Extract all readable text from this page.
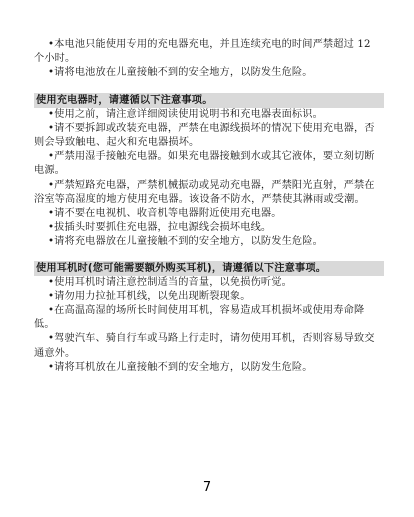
•本电池只能使用专用的充电器充电，并且连续充电的时间严禁超过 12 个小时。

•请将电池放在儿童接触不到的安全地方，以防发生危险。

使用充电器时，请遵循以下注意事项。

•使用之前，请注意详细阅读使用说明书和充电器表面标识。

•请不要拆卸或改装充电器，严禁在电源线损坏的情况下使用充电器，否则会导致触电、起火和充电器损坏。

•严禁用湿手接触充电器。如果充电器接触到水或其它液体，要立刻切断电源。

•严禁短路充电器，严禁机械振动或晃动充电器，严禁阳光直射，严禁在浴室等高湿度的地方使用充电器。该设备不防水，严禁使其淋雨或受潮。

•请不要在电视机、收音机等电器附近使用充电器。

•拔插头时要抓住充电器，拉电源线会损坏电线。

•请将充电器放在儿童接触不到的安全地方，以防发生危险。

使用耳机时(您可能需要额外购买耳机)，请遵循以下注意事项。

•使用耳机时请注意控制适当的音量，以免损伤听觉。

•请勿用力拉扯耳机线，以免出现断裂现象。

•在高温高湿的场所长时间使用耳机，容易造成耳机损坏或使用寿命降低。

•驾驶汽车、骑自行车或马路上行走时，请勿使用耳机，否则容易导致交通意外。

•请将耳机放在儿童接触不到的安全地方，以防发生危险。

7
